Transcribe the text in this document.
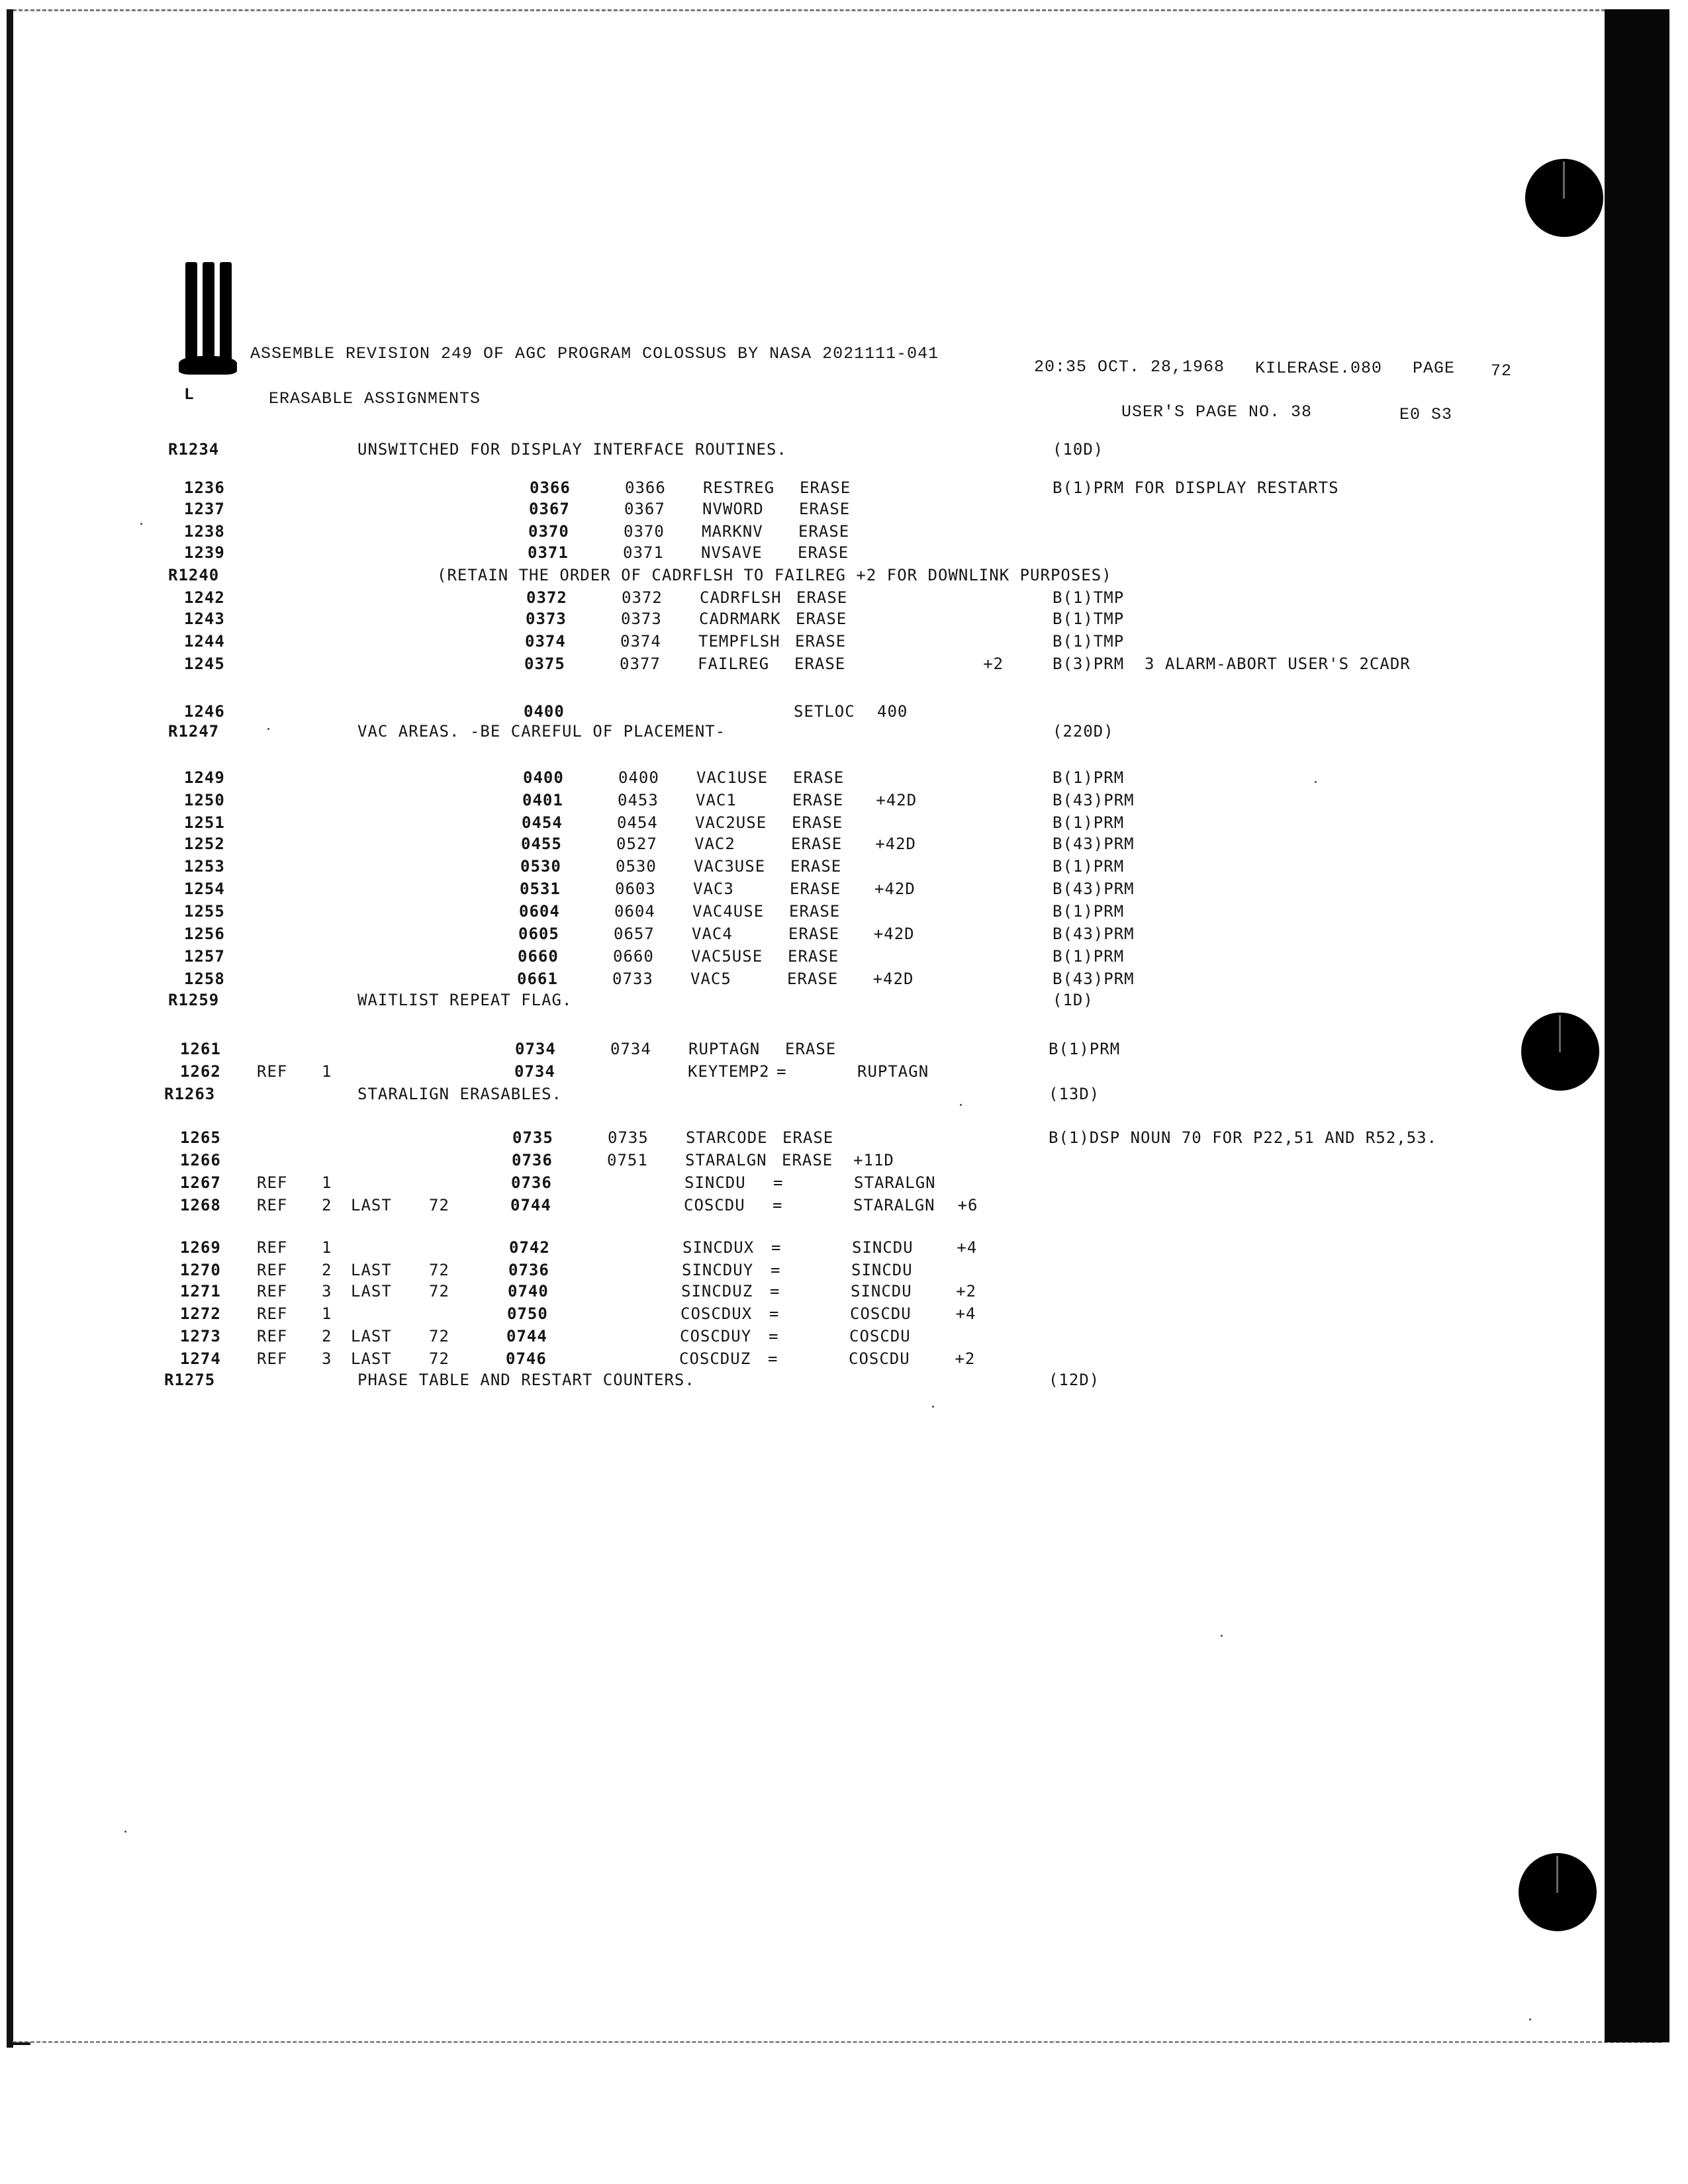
ASSEMBLE REVISION 249 OF AGC PROGRAM COLOSSUS BY NASA 2021111-041
20:35 OCT. 28,1968 KILERASE.080 PAGE 72
L	ERASABLE ASSIGNMENTS
USER'S PAGE NO. 38	E0 S3
R1234	UNSWITCHED FOR DISPLAY INTERFACE ROUTINES.	(10D)
1236	0366	0366 RESTREG ERASE	B(1)PRM FOR DISPLAY RESTARTS
1237	0367	0367 NVWORD ERASE
1238	0370	0370 MARKNV ERASE
1239	0371	0371 NVSAVE ERASE
R1240	(RETAIN THE ORDER OF CADRFLSH TO FAILREG +2 FOR DOWNLINK PURPOSES)
1242	0372	0372 CADRFLSH ERASE	B(1)TMP
1243	0373	0373 CADRMARK ERASE	B(1)TMP
1244	0374	0374 TEMPFLSH ERASE	B(1)TMP
1245	0375	0377 FAILREG ERASE	+2	B(3)PRM  3 ALARM-ABORT USER'S 2CADR
1246	0400	SETLOC 400
R1247	VAC AREAS. -BE CAREFUL OF PLACEMENT-	(220D)
1249	0400	0400 VAC1USE ERASE	B(1)PRM
1250	0401	0453 VAC1	ERASE +42D	B(43)PRM
1251	0454	0454 VAC2USE ERASE	B(1)PRM
1252	0455	0527 VAC2	ERASE +42D	B(43)PRM
1253	0530	0530 VAC3USE ERASE	B(1)PRM
1254	0531	0603 VAC3	ERASE +42D	B(43)PRM
1255	0604	0604 VAC4USE ERASE	B(1)PRM
1256	0605	0657 VAC4	ERASE +42D	B(43)PRM
1257	0660	0660 VAC5USE ERASE	B(1)PRM
1258	0661	0733 VAC5	ERASE +42D	B(43)PRM
R1259	WAITLIST REPEAT FLAG.	(1D)
1261	0734	0734 RUPTAGN ERASE	B(1)PRM
1262 REF 1	0734	KEYTEMP2 =	RUPTAGN
R1263	STARALIGN ERASABLES.	(13D)
1265	0735	0735 STARCODE ERASE	B(1)DSP NOUN 70 FOR P22,51 AND R52,53.
1266	0736	0751 STARALGN ERASE +11D
1267 REF 1	0736	SINCDU =	STARALGN
1268 REF 2 LAST 72	0744	COSCDU =	STARALGN +6
1269 REF 1	0742	SINCDUX =	SINCDU	+4
1270 REF 2 LAST 72	0736	SINCDUY =	SINCDU
1271 REF 3 LAST 72	0740	SINCDUZ =	SINCDU	+2
1272 REF 1	0750	COSCDUX =	COSCDU	+4
1273 REF 2 LAST 72	0744	COSCDUY =	COSCDU
1274 REF 3 LAST 72	0746	COSCDUZ =	COSCDU	+2
R1275	PHASE TABLE AND RESTART COUNTERS.	(12D)
